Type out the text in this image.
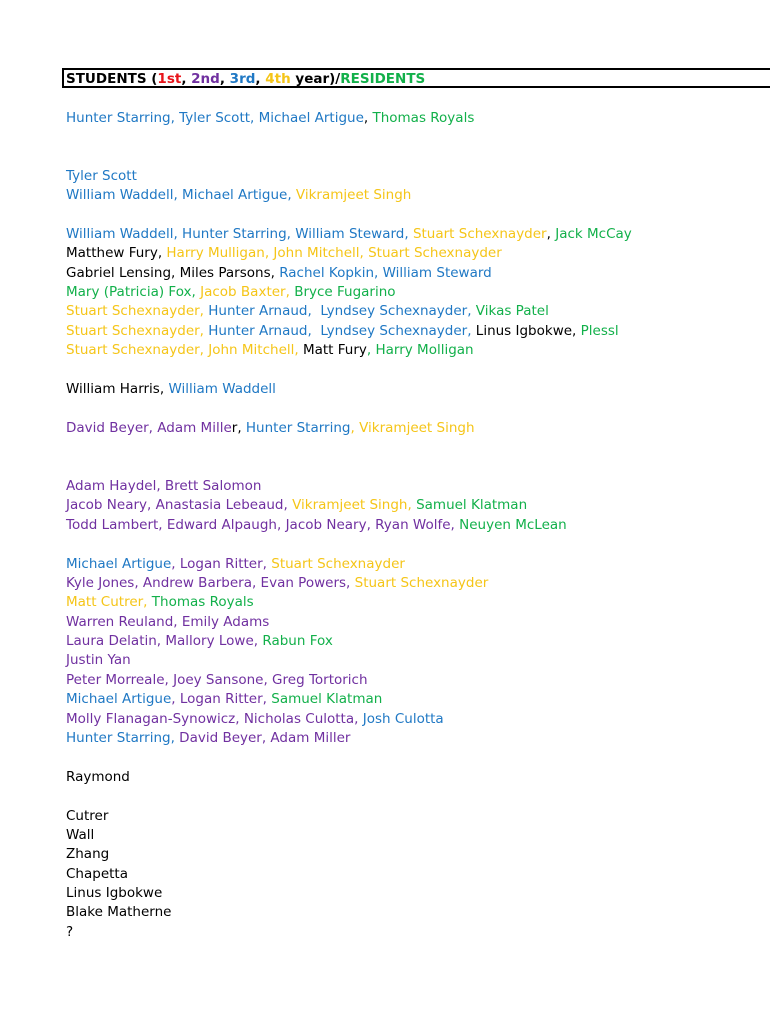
STUDENTS (1st, 2nd, 3rd, 4th year)/RESIDENTS
Hunter Starring, Tyler Scott, Michael Artigue, Thomas Royals
Tyler Scott
William Waddell, Michael Artigue, Vikramjeet Singh
William Waddell, Hunter Starring, William Steward, Stuart Schexnayder, Jack McCay
Matthew Fury, Harry Mulligan, John Mitchell, Stuart Schexnayder
Gabriel Lensing, Miles Parsons, Rachel Kopkin, William Steward
Mary (Patricia) Fox, Jacob Baxter, Bryce Fugarino
Stuart Schexnayder, Hunter Arnaud,  Lyndsey Schexnayder, Vikas Patel
Stuart Schexnayder, Hunter Arnaud,  Lyndsey Schexnayder, Linus Igbokwe, Plessl
Stuart Schexnayder, John Mitchell, Matt Fury, Harry Molligan
William Harris, William Waddell
David Beyer, Adam Miller, Hunter Starring, Vikramjeet Singh
Adam Haydel, Brett Salomon
Jacob Neary, Anastasia Lebeaud, Vikramjeet Singh, Samuel Klatman
Todd Lambert, Edward Alpaugh, Jacob Neary, Ryan Wolfe, Neuyen McLean
Michael Artigue, Logan Ritter, Stuart Schexnayder
Kyle Jones, Andrew Barbera, Evan Powers, Stuart Schexnayder
Matt Cutrer, Thomas Royals
Warren Reuland, Emily Adams
Laura Delatin, Mallory Lowe, Rabun Fox
Justin Yan
Peter Morreale, Joey Sansone, Greg Tortorich
Michael Artigue, Logan Ritter, Samuel Klatman
Molly Flanagan-Synowicz, Nicholas Culotta, Josh Culotta
Hunter Starring, David Beyer, Adam Miller
Raymond
Cutrer
Wall
Zhang
Chapetta
Linus Igbokwe
Blake Matherne
?
